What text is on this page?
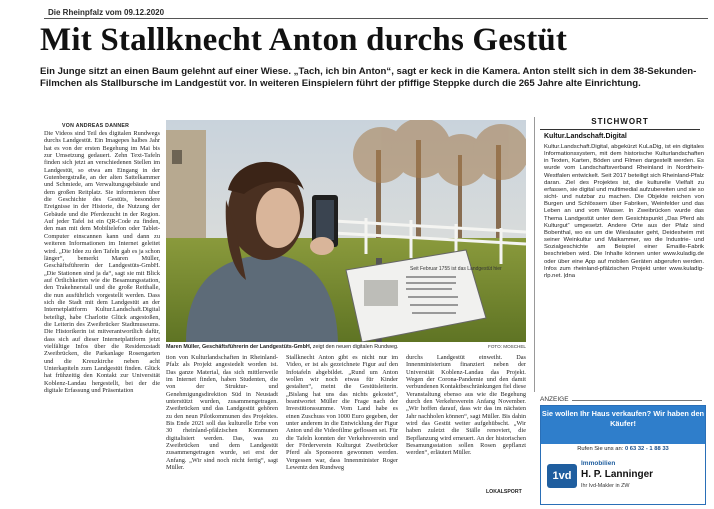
Die Rheinpfalz vom 09.12.2020
Mit Stallknecht Anton durchs Gestüt
Ein Junge sitzt an einen Baum gelehnt auf einer Wiese. „Tach, ich bin Anton“, sagt er keck in die Kamera. Anton stellt sich in dem 38-Sekunden-Filmchen als Stallbursche im Landgestüt vor. In weiteren Einspielern führt der pfiffige Steppke durch die 265 Jahre alte Einrichtung.
VON ANDREAS DANNER

Die Videos sind Teil des digitalen Rundwegs durchs Landgestüt. Ein Imagepes halbes Jahr hat es von der ersten Begehung im Mai bis zur Umsetzung gedauert. Zehn Text-Tafeln finden sich jetzt an verschiedenen Stellen im Landgestüt, so etwa am Eingang in der Gutenbergstraße, an der alten Sattelkammer und Schmiede, am Verwaltungsgebäude und dem großen Reitplatz. Sie informieren über die Geschichte des Gestüts, besondere Ereignisse in der Historie, die Nutzung der Gebäude und die Pferdezucht in der Region. Auf jeder Tafel ist ein QR-Code zu finden, den man mit dem Mobiltelefon oder Tablet-Computer einscannen kann und dann zu weiteren Informationen im Internet geleitet wird. „Die Idee zu den Tafeln gab es ja schon länger“, bemerkt Maren Müller, Geschäftsführerin der Landgestüts-GmbH. „Die Stationen sind ja da“, sagt sie mit Blick auf Örtlichkeiten wie die Besamungsstation, den Trakehnerstall und die große Reithalle, die nun ausführlich vorgestellt werden. Dass sich die Stadt mit dem Landgestüt an der Internetplattform Kultur.Landschaft.Digital beteiligt, habe Charlotte Glück angestoßen, die Leiterin des Zweibrücker Stadtmuseums. Die Historikerin ist mitverantwortlich dafür, dass sich auf dieser Internetplattform jetzt vielfältige Infos über die Residenzstadt Zweibrücken, die Parkanlage Rosengarten und die Kreuzkirche neben acht Unterkapiteln zum Landgestüt finden. Glück hat frühzeitig den Kontakt zur Universität Koblenz-Landau hergestellt, bei der die digitale Erfassung und Präsentation

Seit Februar 1755 ist das Landgestüt hier
Maren Müller, Geschäftsführerin der Landgestüts-GmbH, zeigt den neuen digitalen Rundweg.	FOTO: MOSCHEL

tion von Kulturlandschaften in Rheinland-Pfalz als Projekt angesiedelt worden ist. Das ganze Material, das sich mittlerweile im Internet finden, haben Studenten, die von der Struktur- und Genehmigungsdirektion Süd in Neustadt unterstützt wurden, zusammengetragen. Zweibrücken und das Landgestüt gehören zu den neun Pilotkommunen des Projektes. Bis Ende 2021 soll das kulturelle Erbe von 30 rheinland-pfälzischen Kommunen digitalisiert werden. Das, was zu Zweibrücken und dem Landgestüt zusammengetragen wurde, sei erst der Anfang. „Wir sind noch nicht fertig“, sagt Müller.

Stallknecht Anton gibt es nicht nur im Video, er ist als gezeichnete Figur auf den Infotafeln abgebildet. „Rund um Anton wollen wir noch etwas für Kinder gestalten“, meint die Gestütsleiterin. „Bislang hat uns das nichts gekostet“, beantwortet Müller die Frage nach der Investitionssumme. Vom Land habe es einen Zuschuss von 1000 Euro gegeben, der unter anderem in die Entwicklung der Figur Anton und die Videofilme geflossen sei. Für die Tafeln konnten der Verkehrsverein und der Förderverein Kulturgut Zweibrücker Pferd als Sponsoren gewonnen werden. Vergessen war, dass Innenminister Roger Lewentz den Rundweg

durchs Landgestüt einweiht. Das Innenministerium finanziert neben der Universität Koblenz-Landau das Projekt. Wegen der Corona-Pandemie und den damit verbundenen Kontaktbeschränkungen fiel diese Veranstaltung ebenso aus wie die Begehung durch den Verkehrsverein Anfang November. „Wir hoffen darauf, dass wir das im nächsten Jahr nachholen können“, sagt Müller. Bis dahin wird das Gestüt weiter aufgehübscht. „Wir haben zuletzt die Ställe renoviert, die Bepflanzung wird erneuert. An der historischen Besamungsstation sollen Rosen gepflanzt werden“, erläutert Müller.

LOKALSPORT
STICHWORT
Kultur.Landschaft.Digital
Kultur.Landschaft.Digital, abgekürzt KuLaDig, ist ein digitales Informationssystem, mit dem historische Kulturlandschaften in Texten, Karten, Böden und Filmen dargestellt werden. Es wurde vom Landschaftsverband Rheinland in Nordrhein-Westfalen entwickelt. Seit 2017 beteiligt sich Rheinland-Pfalz daran. Ziel des Projektes ist, die kulturelle Vielfalt zu erfassen, sie digital und multimedial aufzubereiten und sie so sicht- und nutzbar zu machen. Die Objekte reichen von Burgen und Schlössern über Fabriken, Weinfelder und das Leben an und vom Wasser. In Zweibrücken wurde das Thema Landgestüt unter dem Gesichtspunkt „Das Pferd als Kulturgut“ umgesetzt. Andere Orte aus der Pfalz sind Bobenthal, wo es um die Wieslauter geht, Deidesheim mit seiner Weinkultur und Maikammer, wo die Industrie- und Sozialgeschichte am Beispiel einer Emaille-Fabrik beschrieben wird. Die Inhalte können unter www.kuladig.de oder über eine App auf mobilen Geräten abgerufen werden. Infos zum rheinland-pfälzischen Projekt unter www.kuladig-rlp.net. |dna
ANZEIGE
Sie wollen Ihr Haus verkaufen? Wir haben den Käufer!
Rufen Sie uns an: 0 63 32 - 1 88 33
1vd
Immobilien
H. P. Lanninger
Ihr Ivd-Makler in ZW
